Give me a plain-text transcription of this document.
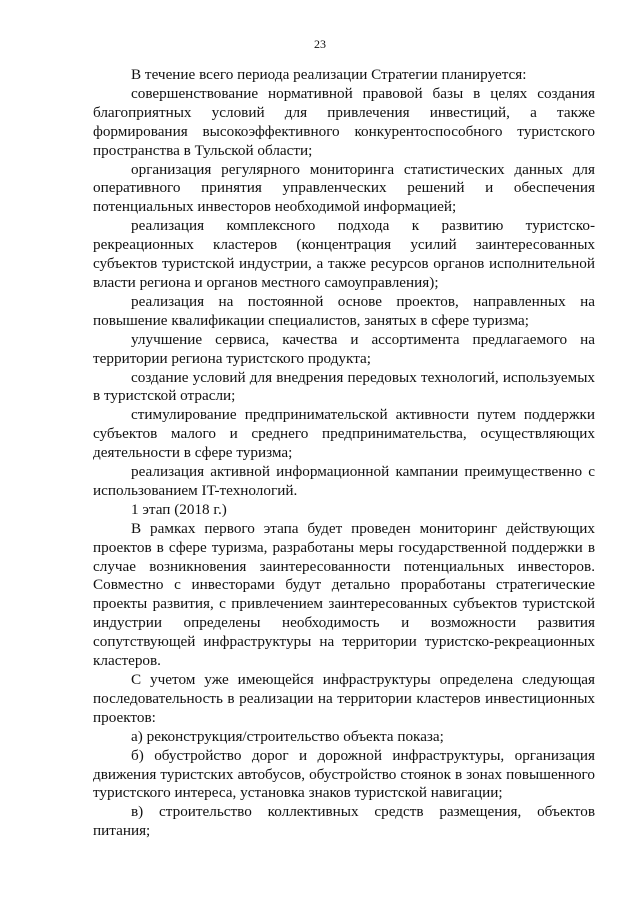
23

В течение всего периода реализации Стратегии планируется:

совершенствование нормативной правовой базы в целях создания благоприятных условий для привлечения инвестиций, а также формирования высокоэффективного конкурентоспособного туристского пространства в Тульской области;

организация регулярного мониторинга статистических данных для оперативного принятия управленческих решений и обеспечения потенциальных инвесторов необходимой информацией;

реализация комплексного подхода к развитию туристско-рекреационных кластеров (концентрация усилий заинтересованных субъектов туристской индустрии, а также ресурсов органов исполнительной власти региона и органов местного самоуправления);

реализация на постоянной основе проектов, направленных на повышение квалификации специалистов, занятых в сфере туризма;

улучшение сервиса, качества и ассортимента предлагаемого на территории региона туристского продукта;

создание условий для внедрения передовых технологий, используемых в туристской отрасли;

стимулирование предпринимательской активности путем поддержки субъектов малого и среднего предпринимательства, осуществляющих деятельности в сфере туризма;

реализация активной информационной кампании преимущественно с использованием IT-технологий.

1 этап (2018 г.)

В рамках первого этапа будет проведен мониторинг действующих проектов в сфере туризма, разработаны меры государственной поддержки в случае возникновения заинтересованности потенциальных инвесторов. Совместно с инвесторами будут детально проработаны стратегические проекты развития, с привлечением заинтересованных субъектов туристской индустрии определены необходимость и возможности развития сопутствующей инфраструктуры на территории туристско-рекреационных кластеров.

С учетом уже имеющейся инфраструктуры определена следующая последовательность в реализации на территории кластеров инвестиционных проектов:

а) реконструкция/строительство объекта показа;

б) обустройство дорог и дорожной инфраструктуры, организация движения туристских автобусов, обустройство стоянок в зонах повышенного туристского интереса, установка знаков туристской навигации;

в) строительство коллективных средств размещения, объектов питания;
